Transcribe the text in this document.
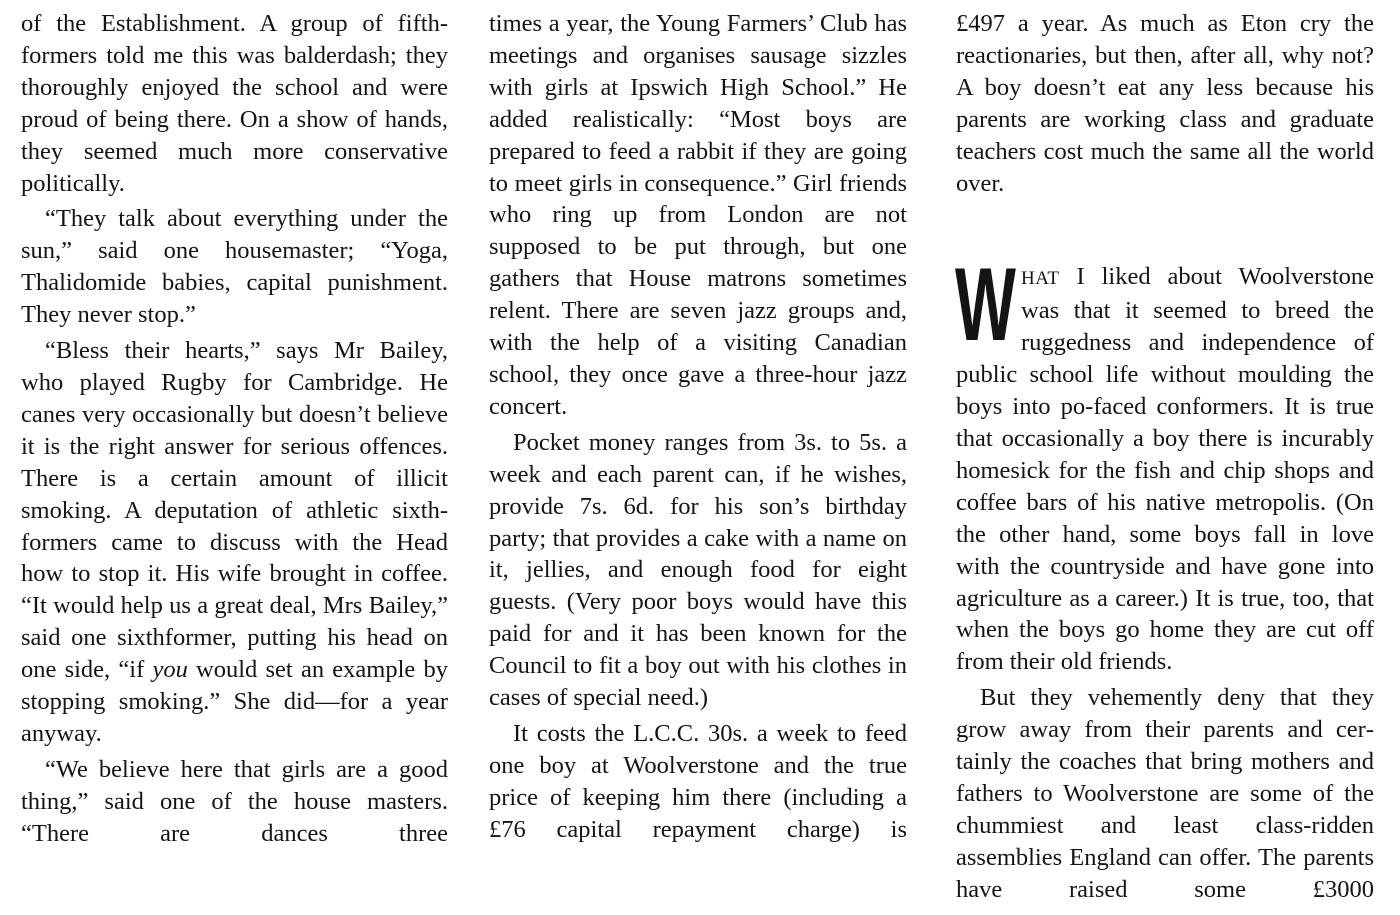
of the Establishment. A group of fifthformers told me this was balderdash; they thoroughly enjoyed the school and were proud of being there. On a show of hands, they seemed much more conservative politically.

“They talk about everything under the sun,” said one housemaster; “Yoga, Thalidomide babies, capital punishment. They never stop.”

“Bless their hearts,” says Mr Bailey, who played Rugby for Cambridge. He canes very occasionally but doesn’t believe it is the right answer for serious offences. There is a certain amount of illicit smoking. A deputation of athletic sixth-formers came to discuss with the Head how to stop it. His wife brought in coffee. “It would help us a great deal, Mrs Bailey,” said one sixthformer, putting his head on one side, “if you would set an example by stopping smoking.” She did—for a year anyway.

“We believe here that girls are a good thing,” said one of the house masters. “There are dances three

times a year, the Young Farmers’ Club has meetings and organises sausage sizzles with girls at Ipswich High School.” He added realistically: “Most boys are prepared to feed a rabbit if they are going to meet girls in consequence.” Girl friends who ring up from London are not supposed to be put through, but one gathers that House matrons sometimes relent. There are seven jazz groups and, with the help of a visiting Canadian school, they once gave a three-hour jazz concert.

Pocket money ranges from 3s. to 5s. a week and each parent can, if he wishes, provide 7s. 6d. for his son’s birthday party; that provides a cake with a name on it, jellies, and enough food for eight guests. (Very poor boys would have this paid for and it has been known for the Council to fit a boy out with his clothes in cases of special need.)

It costs the L.C.C. 30s. a week to feed one boy at Woolverstone and the true price of keeping him there (including a £76 capital repayment charge) is

£497 a year. As much as Eton cry the reactionaries, but then, after all, why not? A boy doesn’t eat any less because his parents are working class and graduate teachers cost much the same all the world over.

WHAT I liked about Woolverstone was that it seemed to breed the ruggedness and independence of public school life without moulding the boys into po-faced conformers. It is true that occasionally a boy there is incurably homesick for the fish and chip shops and coffee bars of his native metropolis. (On the other hand, some boys fall in love with the countryside and have gone into agriculture as a career.) It is true, too, that when the boys go home they are cut off from their old friends.

But they vehemently deny that they grow away from their parents and certainly the coaches that bring mothers and fathers to Woolverstone are some of the chummiest and least class-ridden assemblies England can offer. The parents have raised some £3000
